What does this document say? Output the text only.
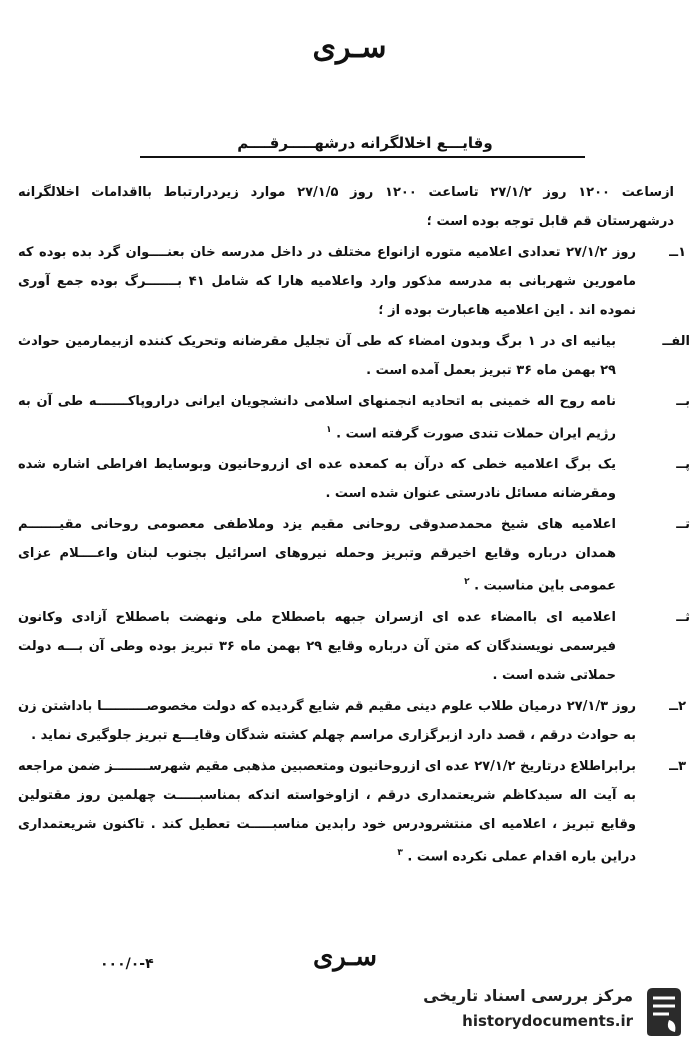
سـری
وقایـــع اخلالگرانه درشهـــــرقــــم

ازساعت ۱۲۰۰ روز ۲۷/۱/۲ تاساعت ۱۲۰۰ روز ۲۷/۱/۵ موارد زیردرارتباط بااقدامات اخلالگرانه درشهرستان قم قابل توجه بوده است ؛

۱ــ
روز ۲۷/۱/۲ تعدادی اعلامیه متوره ازانواع مختلف در داخل مدرسه خان بعنــــوان گرد بده بوده که مامورین شهربانی به مدرسه مذکور وارد واعلامیه هارا که شامل ۴۱ بـــــــرگ بوده جمع آوری نموده اند . این اعلامیه هاعبارت بوده از ؛
الفــ
بیانیه ای در ۱ برگ وبدون امضاء که طی آن تجلیل مقرضانه وتحریک کننده ازبیمارمین حوادث ۲۹ بهمن ماه ۳۶ تبریز بعمل آمده است .
بــ
نامه روح اله خمینی به اتحادیه انجمنهای اسلامی دانشجویان ایرانی دراروپاکـــــــه طی آن به رژیم ایران حملات تندی صورت گرفته است . $^۱$
پــ
یک برگ اعلامیه خطی که درآن به کمعده عده ای ازروحانیون وبوسایط افراطی اشاره شده ومقرضانه مسائل نادرستی عنوان شده است .
تــ
اعلامیه های شیخ محمدصدوقی روحانی مقیم یزد وملاطفی معصومی روحانی مقیـــــــم همدان درباره وقایع اخیرقم وتبریز وحمله نیروهای اسرائیل بجنوب لبنان واعــــلام عزای عمومی باین مناسبت . $^۲$
ثــ
اعلامیه ای باامضاء عده ای ازسران جبهه باصطلاح ملی ونهضت باصطلاح آزادی وکانون فیرسمی نویسندگان که متن آن درباره وقایع ۲۹ بهمن ماه ۳۶ تبریز بوده وطی آن بـــه دولت حملاتی شده است .
۲ــ
روز ۲۷/۱/۳ درمیان طلاب علوم دینی مقیم قم شایع گردیده که دولت مخصوصــــــــــا باداشتن زن به حوادث درقم ، قصد دارد ازبرگزاری مراسم چهلم کشته شدگان وقایـــع تبریز جلوگیری نماید .
۳ــ
برابراطلاع درتاریخ ۲۷/۱/۲ عده ای ازروحانیون ومتعصبین مذهبی مقیم شهرســــــــز ضمن مراجعه به آیت اله سیدکاظم شریعتمداری درقم ، ازاوخواسته اندکه بمناسبـــــت چهلمین روز مقتولین وقایع تبریز ، اعلامیه ای منتشرودرس خود رابدین مناسبـــــت تعطیل کند . تاکنون شریعتمداری دراین باره اقدام عملی نکرده است . $^۳$
۰۰۰/۰-۴	سـری
مرکز بررسی اسناد تاریخی
historydocuments.ir
